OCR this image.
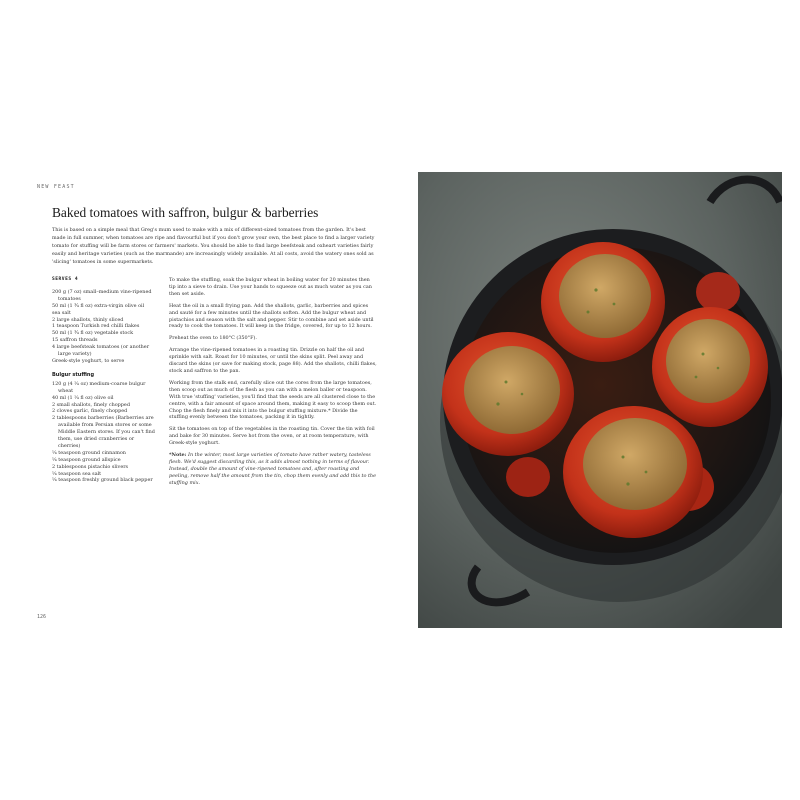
NEW FEAST
Baked tomatoes with saffron, bulgur & barberries

This is based on a simple meal that Greg's mum used to make with a mix of different-sized tomatoes from the garden. It's best made in full summer, when tomatoes are ripe and flavourful but if you don't grow your own, the best place to find a larger variety tomato for stuffing will be farm stores or farmers' markets. You should be able to find large beefsteak and oxheart varieties fairly easily and heritage varieties (such as the marmande) are increasingly widely available. At all costs, avoid the watery ones sold as 'slicing' tomatoes in some supermarkets.

SERVES 4

200 g (7 oz) small–medium vine-ripened tomatoes

50 ml (1 ¾ fl oz) extra-virgin olive oil

sea salt

2 large shallots, thinly sliced

1 teaspoon Turkish red chilli flakes

50 ml (1 ¾ fl oz) vegetable stock

15 saffron threads

4 large beefsteak tomatoes (or another large variety)

Greek-style yoghurt, to serve

Bulgur stuffing

120 g (4 ¼ oz) medium-coarse bulgur wheat

40 ml (1 ¼ fl oz) olive oil

2 small shallots, finely chopped

2 cloves garlic, finely chopped

2 tablespoons barberries (Barberries are available from Persian stores or some Middle Eastern stores. If you can't find them, use dried cranberries or cherries)

¼ teaspoon ground cinnamon

¼ teaspoon ground allspice

2 tablespoons pistachio slivers

¼ teaspoon sea salt

¼ teaspoon freshly ground black pepper

To make the stuffing, soak the bulgur wheat in boiling water for 20 minutes then tip into a sieve to drain. Use your hands to squeeze out as much water as you can then set aside.

Heat the oil in a small frying pan. Add the shallots, garlic, barberries and spices and sauté for a few minutes until the shallots soften. Add the bulgur wheat and pistachios and season with the salt and pepper. Stir to combine and set aside until ready to cook the tomatoes. It will keep in the fridge, covered, for up to 12 hours.

Preheat the oven to 180°C (350°F).

Arrange the vine-ripened tomatoes in a roasting tin. Drizzle on half the oil and sprinkle with salt. Roast for 10 minutes, or until the skins split. Peel away and discard the skins (or save for making stock, page 88). Add the shallots, chilli flakes, stock and saffron to the pan.

Working from the stalk end, carefully slice out the cores from the large tomatoes, then scoop out as much of the flesh as you can with a melon baller or teaspoon. With true 'stuffing' varieties, you'll find that the seeds are all clustered close to the centre, with a fair amount of space around them, making it easy to scoop them out. Chop the flesh finely and mix it into the bulgur stuffing mixture.* Divide the stuffing evenly between the tomatoes, packing it in tightly.

Sit the tomatoes on top of the vegetables in the roasting tin. Cover the tin with foil and bake for 30 minutes. Serve hot from the oven, or at room temperature, with Greek-style yoghurt.

*Note: In the winter, most large varieties of tomato have rather watery, tasteless flesh. We'd suggest discarding this, as it adds almost nothing in terms of flavour. Instead, double the amount of vine-ripened tomatoes and, after roasting and peeling, remove half the amount from the tin, chop them evenly and add this to the stuffing mix.

126
